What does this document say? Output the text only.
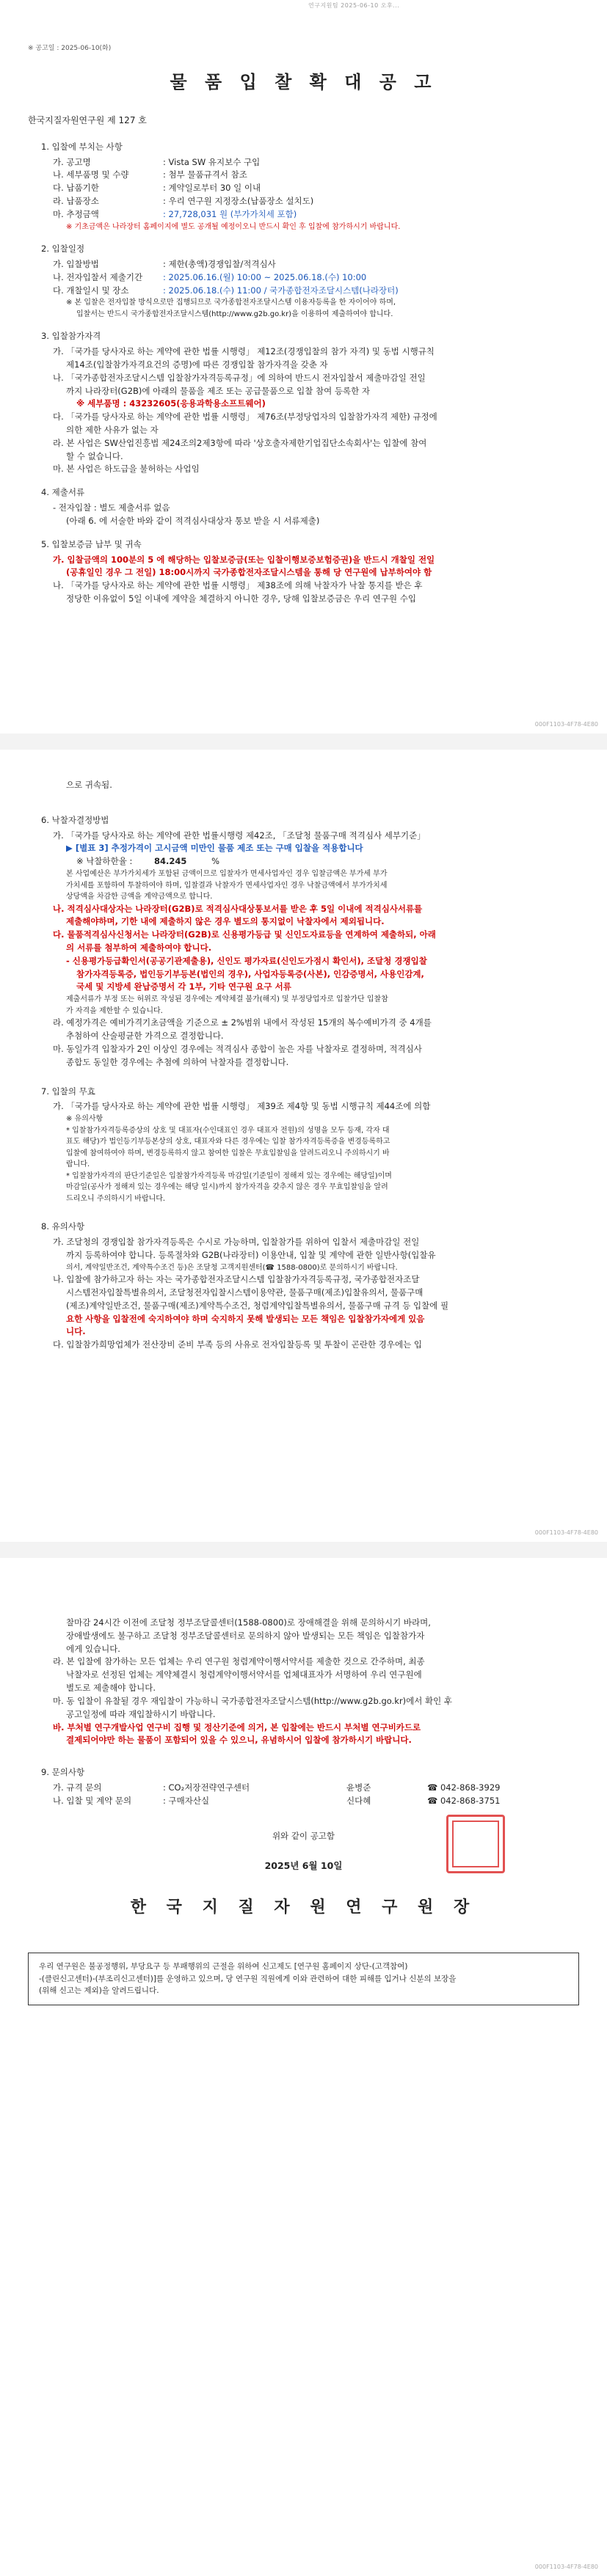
연구지원팀 2025-06-10 오후...
※ 공고일 : 2025-06-10(화)
물 품 입 찰 확 대 공 고
한국지질자원연구원 제 127 호
1. 입찰에 부치는 사항
가. 공고명	: Vista SW 유지보수 구입
나. 세부품명 및 수량	: 첨부 물품규격서 참조
다. 납품기한	: 계약일로부터 30 일 이내
라. 납품장소	: 우리 연구원 지정장소(납품장소 설치도)
마. 추정금액	: 27,728,031 원 (부가가치세 포함)
※ 기초금액은 나라장터 홈페이지에 별도 공개될 예정이오니 반드시 확인 후 입찰에 참가하시기 바랍니다.
2. 입찰일정
가. 입찰방법	: 제한(총액)경쟁입찰/적격심사
나. 전자입찰서 제출기간	: 2025.06.16.(월) 10:00 ~ 2025.06.18.(수) 10:00
다. 개찰일시 및 장소	: 2025.06.18.(수) 11:00 / 국가종합전자조달시스템(나라장터)
※ 본 입찰은 전자입찰 방식으로만 집행되므로 국가종합전자조달시스템 이용자등록을 한 자이어야 하며,
입찰서는 반드시 국가종합전자조달시스템(http://www.g2b.go.kr)을 이용하여 제출하여야 합니다.
3. 입찰참가자격
가. 「국가를 당사자로 하는 계약에 관한 법률 시행령」 제12조(경쟁입찰의 참가 자격) 및 동법 시행규칙
제14조(입찰참가자격요건의 증명)에 따른 경쟁입찰 참가자격을 갖춘 자
나. 「국가종합전자조달시스템 입찰참가자격등록규정」에 의하여 반드시 전자입찰서 제출마감일 전일
까지 나라장터(G2B)에 아래의 물품을 제조 또는 공급물품으로 입찰 참여 등록한 자
※ 세부품명 : 43232605(응용과학용소프트웨어)
다. 「국가를 당사자로 하는 계약에 관한 법률 시행령」 제76조(부정당업자의 입찰참가자격 제한) 규정에
의한 제한 사유가 없는 자
라. 본 사업은 SW산업진흥법 제24조의2제3항에 따라 '상호출자제한기업집단소속회사'는 입찰에 참여
할 수 없습니다.
마. 본 사업은 하도급을 불허하는 사업임
4. 제출서류
- 전자입찰 : 별도 제출서류 없음
(아래 6. 에 서술한 바와 같이 적격심사대상자 통보 받을 시 서류제출)
5. 입찰보증금 납부 및 귀속
가. 입찰금액의 100분의 5 에 해당하는 입찰보증금(또는 입찰이행보증보험증권)을 반드시 개찰일 전일
(공휴일인 경우 그 전일) 18:00시까지 국가종합전자조달시스템을 통해 당 연구원에 납부하여야 함
나. 「국가를 당사자로 하는 계약에 관한 법률 시행령」 제38조에 의해 낙찰자가 낙찰 통지를 받은 후
정당한 이유없이 5일 이내에 계약을 체결하지 아니한 경우, 당해 입찰보증금은 우리 연구원 수입
000F1103-4F78-4E80
으로 귀속됨.
6. 낙찰자결정방법
가. 「국가를 당사자로 하는 계약에 관한 법률시행령 제42조, 「조달청 물품구매 적격심사 세부기준」
▶ [별표 3] 추정가격이 고시금액 미만인 물품 제조 또는 구매 입찰을 적용합니다
※ 낙찰하한율 :	84.245	%
본 사업예산은 부가가치세가 포함된 금액이므로 입찰자가 면세사업자인 경우 입찰금액은 부가세 부가
가치세를 포함하여 투찰하여야 하며, 입찰결과 낙찰자가 면세사업자인 경우 낙찰금액에서 부가가치세
상당액을 차감한 금액을 계약금액으로 합니다.
나. 적격심사대상자는 나라장터(G2B)로 적격심사대상통보서를 받은 후 5일 이내에 적격심사서류를
제출해야하며, 기한 내에 제출하지 않은 경우 별도의 통지없이 낙찰자에서 제외됩니다.
다. 물품적격심사신청서는 나라장터(G2B)로 신용평가등급 및 신인도자료등을 연계하여 제출하되, 아래
의 서류를 첨부하여 제출하여야 합니다.
- 신용평가등급확인서(공공기관제출용), 신인도 평가자료(신인도가점시 확인서), 조달청 경쟁입찰
참가자격등록증, 법인등기부등본(법인의 경우), 사업자등록증(사본), 인감증명서, 사용인감계,
국세 및 지방세 완납증명서 각 1부, 기타 연구원 요구 서류
제출서류가 부정 또는 허위로 작성된 경우에는 계약체결 불가(해지) 및 부정당업자로 입찰가단 입찰참
가 자격을 제한할 수 있습니다.
라. 예정가격은 예비가격기초금액을 기준으로 ± 2%범위 내에서 작성된 15개의 복수예비가격 중 4개를
추첨하여 산술평균한 가격으로 결정합니다.
마. 동일가격 입찰자가 2인 이상인 경우에는 적격심사 종합이 높은 자를 낙찰자로 결정하며, 적격심사
종합도 동일한 경우에는 추첨에 의하여 낙찰자를 결정합니다.
7. 입찰의 무효
가. 「국가를 당사자로 하는 계약에 관한 법률 시행령」 제39조 제4항 및 동법 시행규칙 제44조에 의함
※ 유의사항
* 입찰참가자격등록증상의 상호 및 대표자(수인대표인 경우 대표자 전원)의 성명을 모두 등재, 각자 대
표도 해당)가 법인등기부등본상의 상호, 대표자와 다른 경우에는 입찰 참가자격등록증을 변경등록하고
입찰에 참여하여야 하며, 변경등록하지 않고 참여한 입찰은 무효입찰임을 알려드리오니 주의하시기 바
랍니다.
* 입찰참가자격의 판단기준일은 입찰참가자격등록 마감일(기준일이 정해져 있는 경우에는 해당일)이며
마감일(공사가 정해져 있는 경우에는 해당 일시)까지 참가자격을 갖추지 않은 경우 무효입찰임을 알려
드리오니 주의하시기 바랍니다.
8. 유의사항
가. 조달청의 경쟁입찰 참가자격등록은 수시로 가능하며, 입찰참가를 위하여 입찰서 제출마감일 전일
까지 등록하여야 합니다. 등록절차와 G2B(나라장터) 이용안내, 입찰 및 계약에 관한 일반사항(입찰유
의서, 계약일반조건, 계약특수조건 등)은 조달청 고객지원센터(☎ 1588-0800)로 문의하시기 바랍니다.
나. 입찰에 참가하고자 하는 자는 국가종합전자조달시스템 입찰참가자격등록규정, 국가종합전자조달
시스템전자입찰특별유의서, 조달청전자입찰시스템이용약관, 물품구매(제조)입찰유의서, 물품구매
(제조)계약일반조건, 물품구매(제조)계약특수조건, 청렴계약입찰특별유의서, 물품구매 규격 등 입찰에 필
요한 사항을 입찰전에 숙지하여야 하며 숙지하지 못해 발생되는 모든 책임은 입찰참가자에게 있음
니다.
다. 입찰참가희망업체가 전산장비 준비 부족 등의 사유로 전자입찰등록 및 투찰이 곤란한 경우에는 입
000F1103-4F78-4E80
찰마감 24시간 이전에 조달청 정부조달콜센터(1588-0800)로 장애해결을 위해 문의하시기 바라며,
장애발생에도 불구하고 조달청 정부조달콜센터로 문의하지 않아 발생되는 모든 책임은 입찰참가자
에게 있습니다.
라. 본 입찰에 참가하는 모든 업체는 우리 연구원 청렴계약이행서약서를 제출한 것으로 간주하며, 최종
낙찰자로 선정된 업체는 계약체결시 청렴계약이행서약서를 업체대표자가 서명하여 우리 연구원에
별도로 제출해야 합니다.
마. 동 입찰이 유찰될 경우 재입찰이 가능하니 국가종합전자조달시스템(http://www.g2b.go.kr)에서 확인 후
공고일정에 따라 재입찰하시기 바랍니다.
바. 부처별 연구개발사업 연구비 집행 및 정산기준에 의거, 본 입찰에는 반드시 부처별 연구비카드로
결제되어야만 하는 물품이 포함되어 있을 수 있으니, 유념하시어 입찰에 참가하시기 바랍니다.
9. 문의사항
가. 규격 문의	: CO₂저장전략연구센터	윤병준	☎ 042-868-3929
나. 입찰 및 계약 문의	: 구매자산실	신다혜	☎ 042-868-3751
위와 같이 공고함
2025년 6월 10일
한 국 지 질 자 원 연 구 원 장
우리 연구원은 불공정행위, 부당요구 등 부패행위의 근절을 위하여 신고제도 [연구원 홈페이지 상단-(고객참여)
-(클린신고센터)-(부조리신고센터)]를 운영하고 있으며, 당 연구원 직원에게 이와 관련하여 대한 피해를 입거나 신분의 보장을
(위해 신고는 제외)을 알려드립니다.
000F1103-4F78-4E80
